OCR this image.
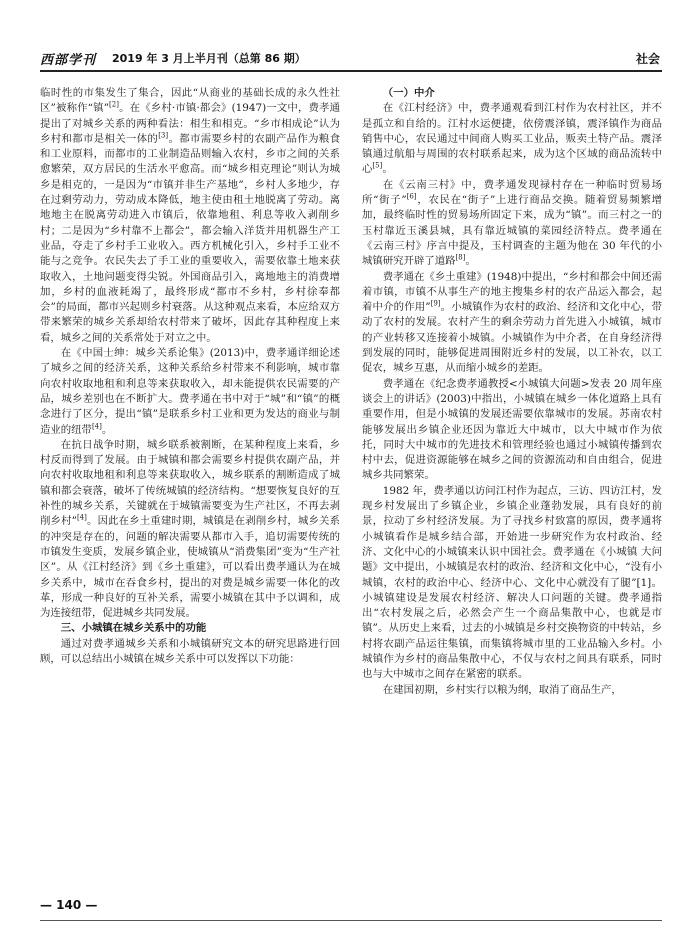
西部学刊 2019 年 3 月上半月刊（总第 86 期）	社会

临时性的市集发生了集合，因此“从商业的基础长成的永久性社区”被称作“镇”[2]。在《乡村·市镇·都会》(1947)一文中，费孝通提出了对城乡关系的两种看法：相生和相克。“乡市相成论”认为乡村和都市是相关一体的[3]。都市需要乡村的农副产品作为粮食和工业原料，而都市的工业制造品则输入农村，乡市之间的关系愈繁荣，双方居民的生活水平愈高。而“城乡相克理论”则认为城乡是相克的，一是因为“市镇并非生产基地”，乡村人多地少，存在过剩劳动力，劳动成本降低，地主使由租土地脱离了劳动。离地地主在脱离劳动进入市镇后，依靠地租、利息等收入剥削乡村；二是因为“乡村靠不上都会”，都会输入洋货并用机器生产工业品，夺走了乡村手工业收入。西方机械化引入，乡村手工业不能与之竞争。农民失去了手工业的重要收入，需要依靠土地来获取收入，土地问题变得尖锐。外国商品引入，离地地主的消费增加，乡村的血液耗竭了，最终形成“都市不乡村，乡村徐奉都会”的局面，都市兴起则乡村衰落。从这种观点来看，本应给双方带来繁荣的城乡关系却给农村带来了破坏，因此存其种程度上来看，城乡之间的关系常处于对立之中。

在《中国士绅：城乡关系论集》(2013)中，费孝通详细论述了城乡之间的经济关系，这种关系给乡村带来不利影响，城市靠向农村收取地租和利息等来获取收入，却未能提供农民需要的产品，城乡差别也在不断扩大。费孝通在书中对于“城”和“镇”的概念进行了区分，提出“镇”是联系乡村工业和更为发达的商业与制造业的纽带[4]。

在抗日战争时期，城乡联系被割断，在某种程度上来看，乡村反而得到了发展。由于城镇和都会需要乡村提供农副产品，并向农村收取地租和利息等来获取收入，城乡联系的割断造成了城镇和都会衰落，破坏了传统城镇的经济结构。“想要恢复良好的互补性的城乡关系，关键就在于城镇需要变为生产社区，不再去剥削乡村”[4]。因此在乡土重建时期，城镇是在剥削乡村，城乡关系的冲突是存在的，问题的解决需要从都市入手，追切需要传统的市镇发生变质，发展乡镇企业，使城镇从“消费集团”变为“生产社区”。从《江村经济》到《乡土重建》，可以看出费孝通认为在城乡关系中，城市在吞食乡村，提出的对费是城乡需要一体化的改革，形成一种良好的互补关系，需要小城镇在其中予以调和，成为连接纽带，促进城乡共同发展。

三、小城镇在城乡关系中的功能

通过对费孝通城乡关系和小城镇研究文本的研究思路进行回顾，可以总结出小城镇在城乡关系中可以发挥以下功能：

（一）中介

在《江村经济》中，费孝通观看到江村作为农村社区，并不是孤立和自给的。江村水运便捷，依傍震泽镇，震泽镇作为商品销售中心，农民通过中间商人购买工业品，贩卖土特产品。震泽镇通过航船与周围的农村联系起来，成为这个区域的商品流转中心[5]。

在《云南三村》中，费孝通发现禄村存在一种临时贸易场所“街子”[6]，农民在“街子”上进行商品交换。随着贸易频繁增加，最终临时性的贸易场所固定下来，成为“镇”。而三村之一的玉村靠近玉溪县城，具有靠近城镇的菜园经济特点。费孝通在《云南三村》序言中提及，玉村调查的主题为他在 30 年代的小城镇研究开辟了道路[8]。

费孝通在《乡土重建》(1948)中提出，“乡村和都会中间还需着市镇，市镇不从事生产的地主搜集乡村的农产品运入都会，起着中介的作用”[9]。小城镇作为农村的政治、经济和文化中心，带动了农村的发展。农村产生的剩余劳动力首先进入小城镇，城市的产业转移又连接着小城镇。小城镇作为中介者，在自身经济得到发展的同时，能够促进周围附近乡村的发展，以工补农，以工促农，城乡互惠，从而缩小城乡的差距。

费孝通在《纪念费孝通教授<小城镇大问题>发表 20 周年座谈会上的讲话》(2003)中指出，小城镇在城乡一体化道路上具有重要作用，但是小城镇的发展还需要依靠城市的发展。苏南农村能够发展出乡镇企业还因为靠近大中城市，以大中城市作为依托，同时大中城市的先进技术和管理经验也通过小城镇传播到农村中去，促进资源能够在城乡之间的资源流动和自由组合，促进城乡共同繁荣。

1982 年，费孝通以访问江村作为起点，三访、四访江村，发现乡村发展出了乡镇企业，乡镇企业蓬勃发展，具有良好的前景，拉动了乡村经济发展。为了寻找乡村致富的原因，费孝通将小城镇看作是城乡结合部，开始进一步研究作为农村政治、经济、文化中心的小城镇来认识中国社会。费孝通在《小城镇 大问题》文中提出，小城镇是农村的政治、经济和文化中心，“没有小城镇，农村的政治中心、经济中心、文化中心就没有了腿”[1]。小城镇建设是发展农村经济、解决人口问题的关键。费孝通指出“农村发展之后，必然会产生一个商品集散中心，也就是市镇”。从历史上来看，过去的小城镇是乡村交换物资的中转站，乡村将农副产品运往集镇，而集镇将城市里的工业品输入乡村。小城镇作为乡村的商品集散中心，不仅与农村之间具有联系，同时也与大中城市之间存在紧密的联系。

在建国初期，乡村实行以粮为纲，取消了商品生产，

— 140 —
